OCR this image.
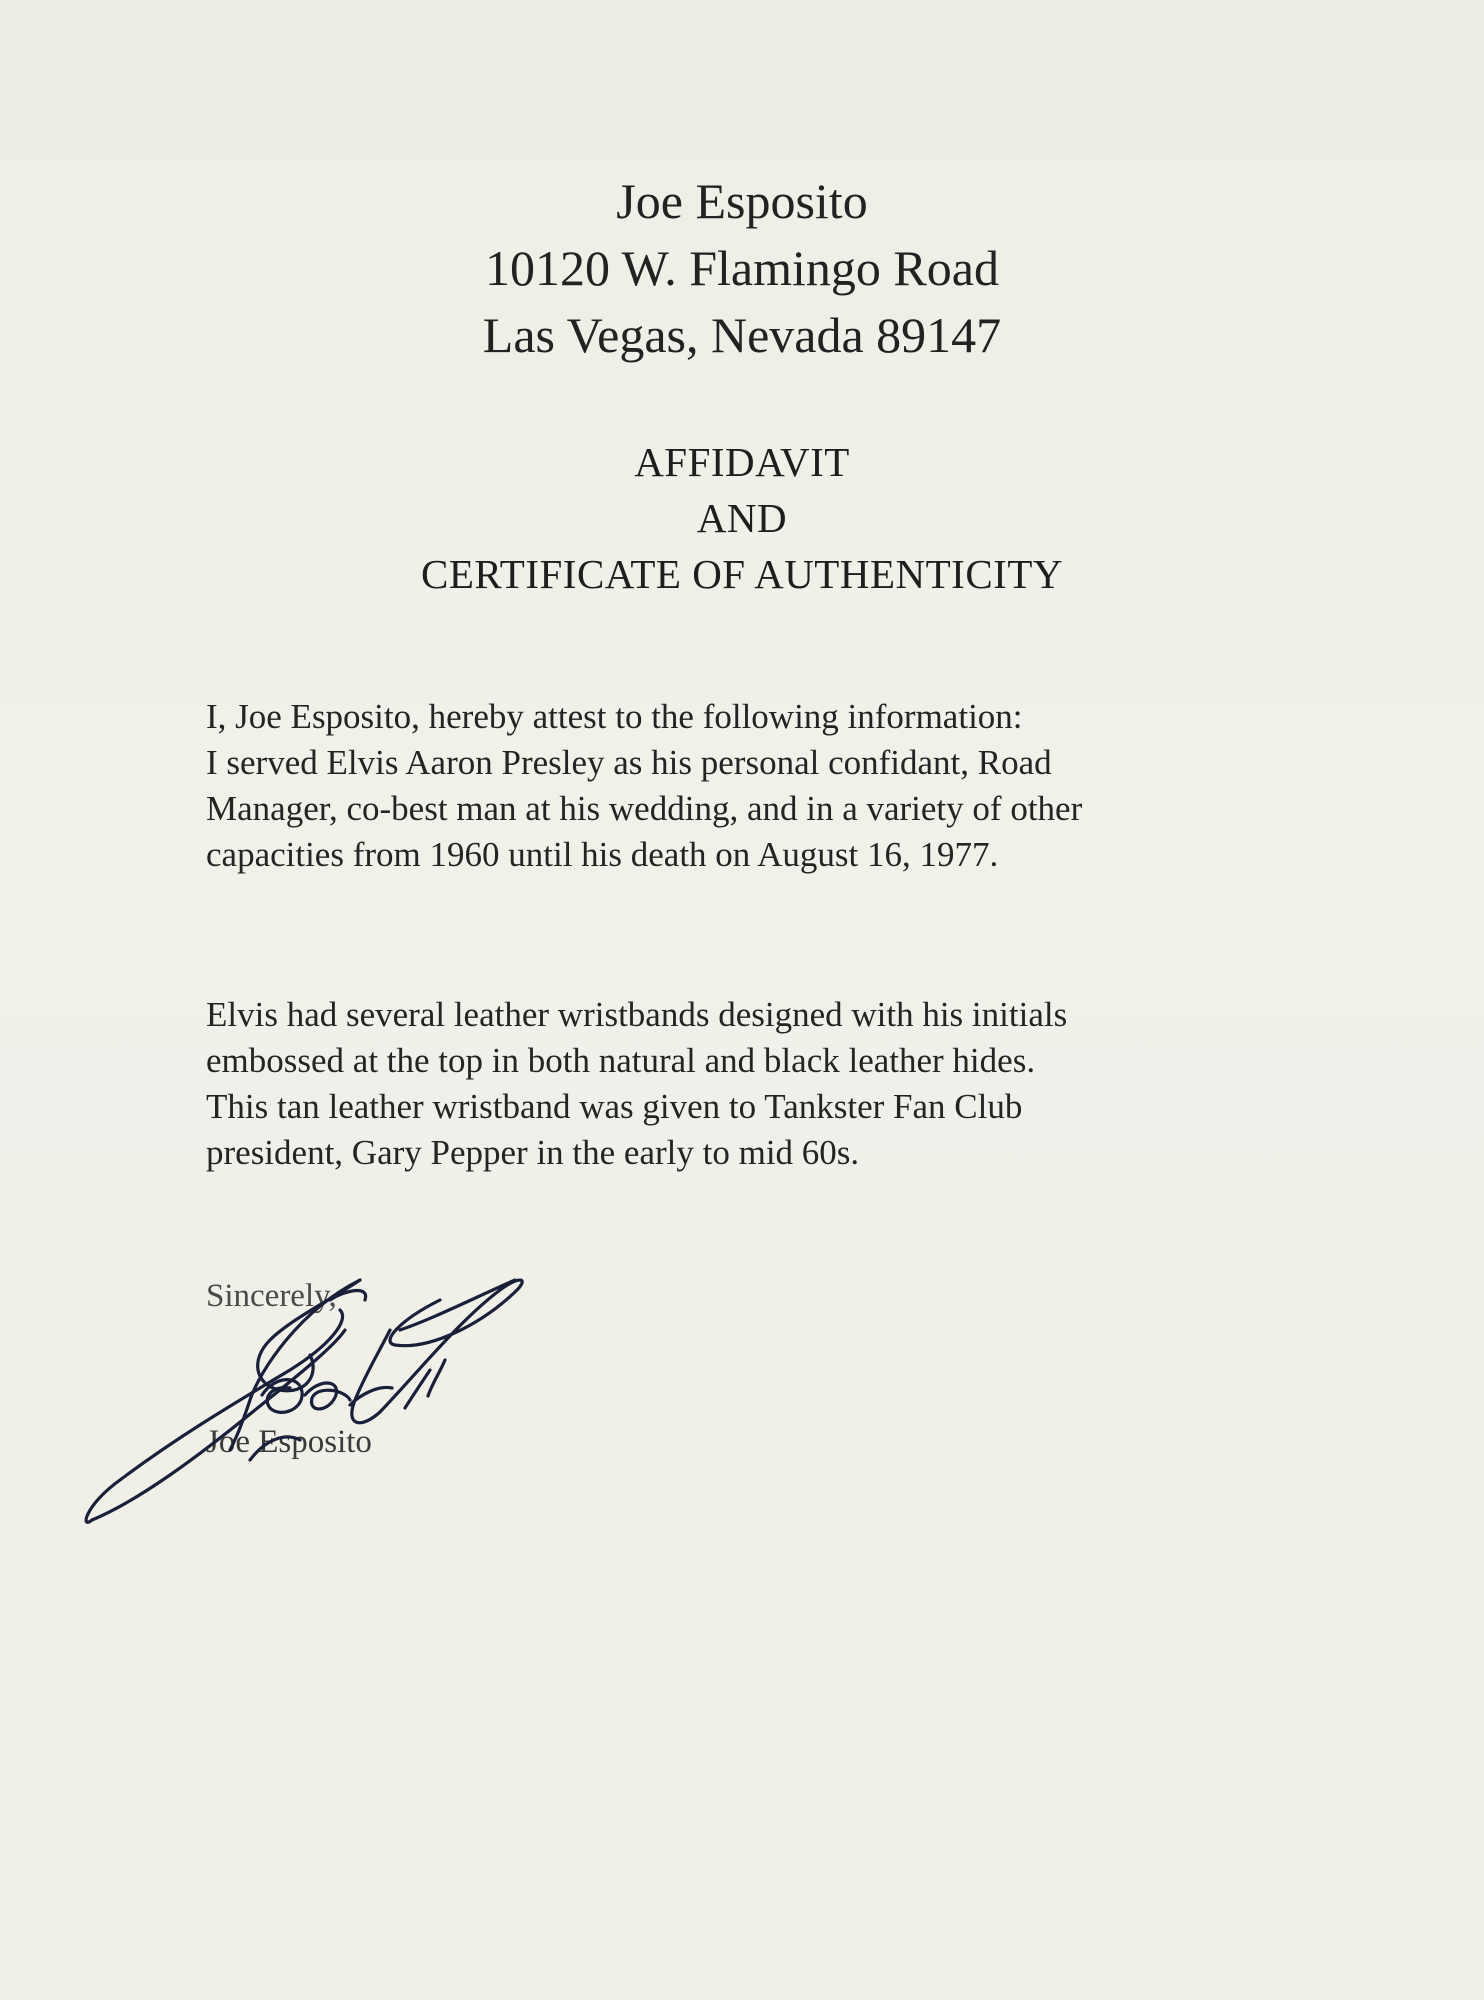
Joe Esposito
10120 W. Flamingo Road
Las Vegas, Nevada 89147
AFFIDAVIT
AND
CERTIFICATE OF AUTHENTICITY
I, Joe Esposito, hereby attest to the following information:
I served Elvis Aaron Presley as his personal confidant, Road
Manager, co-best man at his wedding, and in a variety of other
capacities from 1960 until his death on August 16, 1977.
Elvis had several leather wristbands designed with his initials
embossed at the top in both natural and black leather hides.
This tan leather wristband was given to Tankster Fan Club
president, Gary Pepper in the early to mid 60s.
Sincerely,
Joe Esposito
